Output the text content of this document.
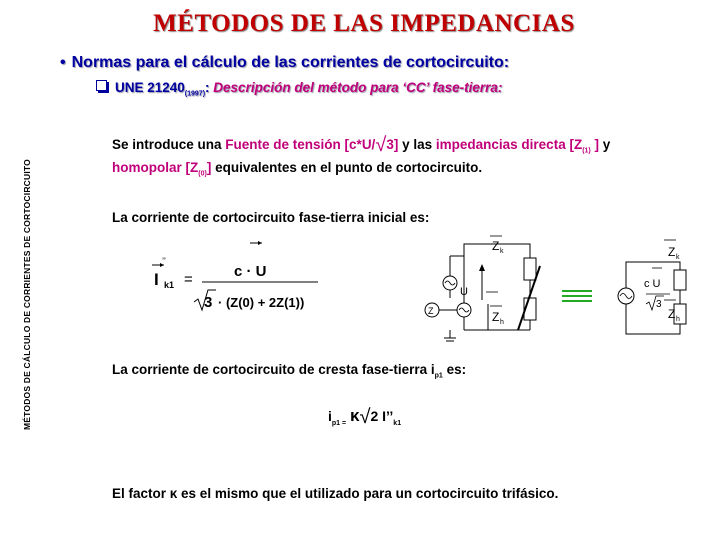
MÉTODOS DE LAS IMPEDANCIAS
MÉTODOS DE CÁLCULO DE CORRIENTES DE CORTOCIRCUITO
• Normas para el cálculo de las corrientes de cortocircuito:
UNE $21240_{(1997)}$: Descripción del método para ‘CC’ fase-tierra:
Se introduce una Fuente de tensión [c*U/√3] y las impedancias directa [$Z_{(1)}$ ] y
homopolar $[Z_{(0)}]$ equivalentes en el punto de cortocircuito.
La corriente de cortocircuito fase-tierra inicial es:
’’
I k1 =	c · U
3 · (Z(0) + 2Z(1))
Z
Z k
U
Z h
Z k
c U
3
Z h
La corriente de cortocircuito de cresta fase-tierra $i_{p1}$ es:
$i_{p1 =}$ κ√2 $I’’_{k1}$
El factor κ es el mismo que el utilizado para un cortocircuito trifásico.
